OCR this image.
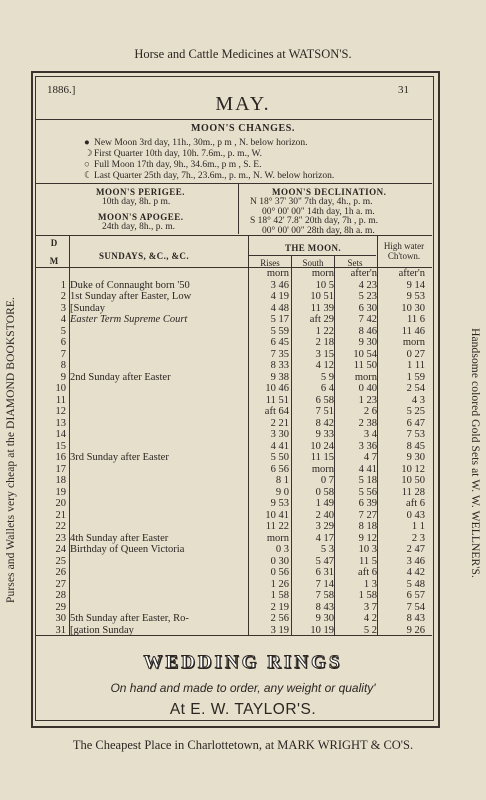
Horse and Cattle Medicines at WATSON'S.
Purses and Wallets very cheap at the DIAMOND BOOKSTORE.	Handsome colored Gold Sets at W. W. WELLNER'S.
1886.]	31
MAY.
MOON'S CHANGES.
● New Moon 3rd day, 11h., 30m., p m , N. below horizon.
☽First Quarter 10th day, 10h. 7.6m., p. m., W.
○ Full Moon 17th day, 9h., 34.6m., p m , S. E.
☾Last Quarter 25th day, 7h., 23.6m., p. m., N. W. below horizon.
MOON'S PERIGEE.
10th day, 8h. p m.
MOON'S APOGEE.
24th day, 8h., p. m.
MOON'S DECLINATION.
N 18° 37' 30" 7th day, 4h., p. m.
00° 00' 00" 14th day, 1h a. m.
S 18° 42' 7.8" 20th day, 7h , p. m.
00° 00' 00" 28th day, 8h a. m.
D
M	SUNDAYS, &C., &C.
THE MOON.
Rises	South	Sets
High water Ch'town.
morn	morn	after'n	after'n
1 Duke of Connaught born '50	3 46	10 5	4 23	9 14
2 1st Sunday after Easter, Low	4 19	10 51	5 23	9 53
3 [Sunday	4 48	11 39	6 30	10 30
4 Easter Term Supreme Court	5 17	aft 29	7 42	11 6
5	5 59	1 22	8 46	11 46
6	6 45	2 18	9 30	morn
7	7 35	3 15	10 54	0 27
8	8 33	4 12	11 50	1 11
9 2nd Sunday after Easter	9 38	5 9	morn	1 59
10	10 46	6 4	0 40	2 54
11	11 51	6 58	1 23	4 3
12	aft 64	7 51	2 6	5 25
13	2 21	8 42	2 38	6 47
14	3 30	9 33	3 4	7 53
15	4 41	10 24	3 36	8 45
16 3rd Sunday after Easter	5 50	11 15	4 7	9 30
17	6 56	morn	4 41	10 12
18	8 1	0 7	5 18	10 50
19	9 0	0 58	5 56	11 28
20	9 53	1 49	6 39	aft 6
21	10 41	2 40	7 27	0 43
22	11 22	3 29	8 18	1 1
23 4th Sunday after Easter	morn	4 17	9 12	2 3
24 Birthday of Queen Victoria	0 3	5 3	10 3	2 47
25	0 30	5 47	11 5	3 46
26	0 56	6 31	aft 6	4 42
27	1 26	7 14	1 3	5 48
28	1 58	7 58	1 58	6 57
29	2 19	8 43	3 7	7 54
30 5th Sunday after Easter, Ro-	2 56	9 30	4 2	8 43
31 [gation Sunday	3 19	10 19	5 2	9 26
WEDDING RINGS
On hand and made to order, any weight or quality'
At E. W. TAYLOR'S.
The Cheapest Place in Charlottetown, at MARK WRIGHT & CO'S.
